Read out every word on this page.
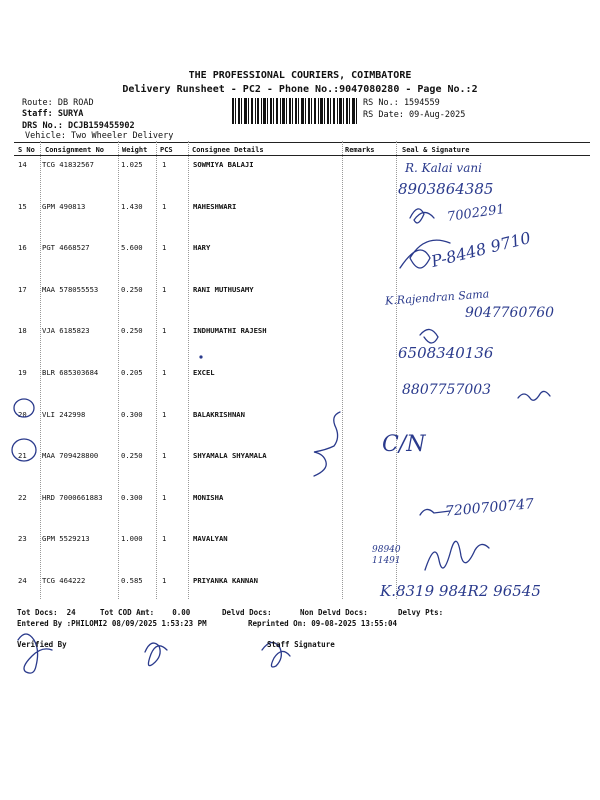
THE PROFESSIONAL COURIERS, COIMBATORE
Delivery Runsheet - PC2 - Phone No.:9047080280 - Page No.:2
Route: DB ROAD
Staff: SURYA
DRS No.: DCJB159455902
Vehicle: Two Wheeler Delivery
RS No.: 1594559
RS Date: 09-Aug-2025
S No Consignment No	Weight PCS	Consignee Details	Remarks	Seal & Signature
14 TCG 41832567	1.025	1	SOWMIYA BALAJI
15 GPM 490813	1.430	1	MAHESHWARI
16 PGT 4668527	5.600	1	HARY
17 MAA 578055553	0.250	1	RANI MUTHUSAMY
18 VJA 6185823	0.250	1	INDHUMATHI RAJESH
19 BLR 685303684	0.205	1	EXCEL
20 VLI 242998	0.300	1	BALAKRISHNAN
21 MAA 709428800	0.250	1	SHYAMALA SHYAMALA
22 HRD 7000661883	0.300	1	MONISHA
23 GPM 5529213	1.000	1	MAVALYAN
24 TCG 464222	0.585	1	PRIYANKA KANNAN
R. Kalai vani
8903864385
7002291
P-8448 9710
K.Rajendran Sama
9047760760
6508340136
8807757003
C/N
7200700747
98940
11491
K.8319 984R2 96545
Tot Docs:  24	Tot COD Amt:    0.00	Delvd Docs:	Non Delvd Docs:	Delvy Pts:
Entered By :PHILOMI2 08/09/2025 1:53:23 PM	Reprinted On: 09-08-2025 13:55:04
Verified By	Staff Signature
